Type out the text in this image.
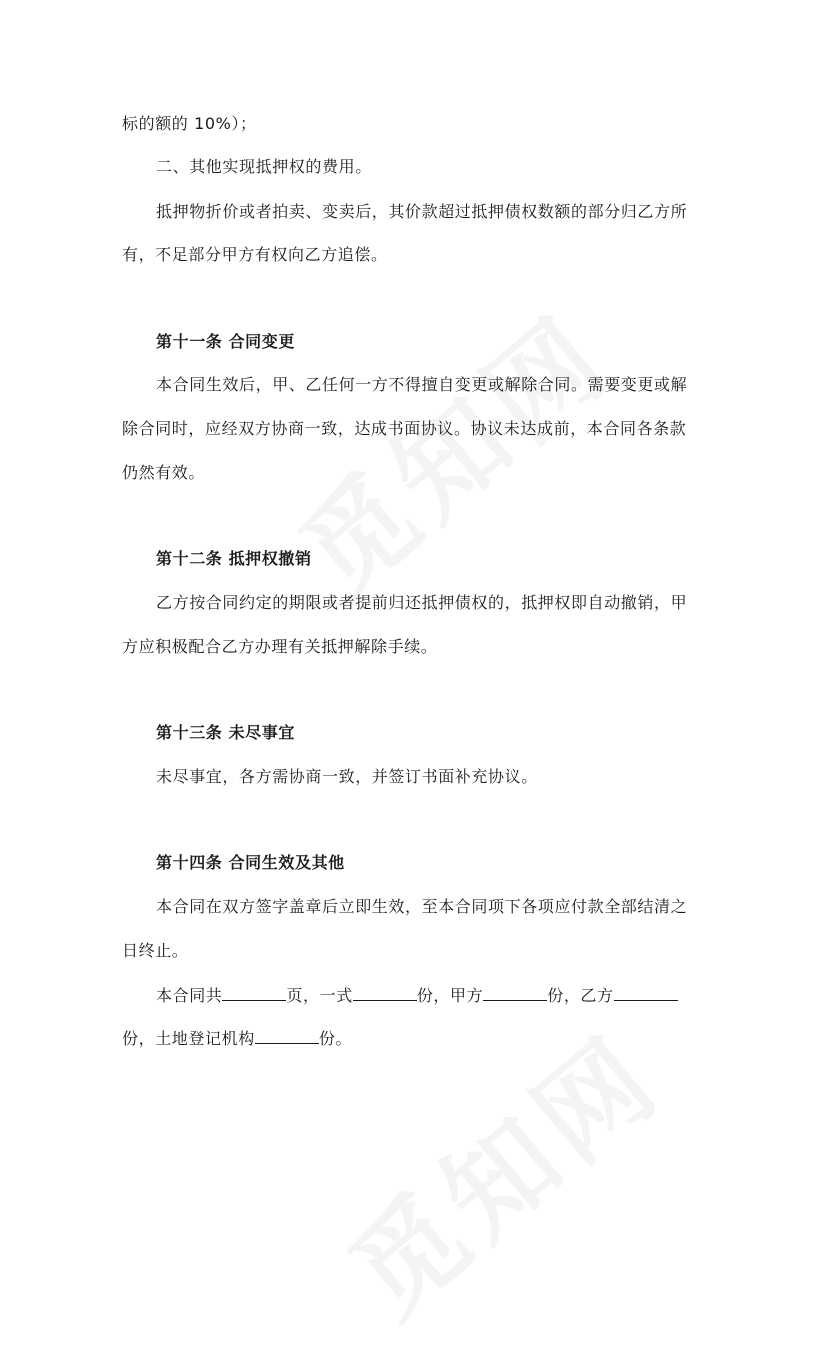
标的额的 10%）；
二、其他实现抵押权的费用。
抵押物折价或者拍卖、变卖后，其价款超过抵押债权数额的部分归乙方所
有，不足部分甲方有权向乙方追偿。
第十一条 合同变更
本合同生效后，甲、乙任何一方不得擅自变更或解除合同。需要变更或解
除合同时，应经双方协商一致，达成书面协议。协议未达成前，本合同各条款
仍然有效。
第十二条 抵押权撤销
乙方按合同约定的期限或者提前归还抵押债权的，抵押权即自动撤销，甲
方应积极配合乙方办理有关抵押解除手续。
第十三条 未尽事宜
未尽事宜，各方需协商一致，并签订书面补充协议。
第十四条 合同生效及其他
本合同在双方签字盖章后立即生效，至本合同项下各项应付款全部结清之
日终止。
本合同共	页，一式	份，甲方	份，乙方
份，土地登记机构	份。
